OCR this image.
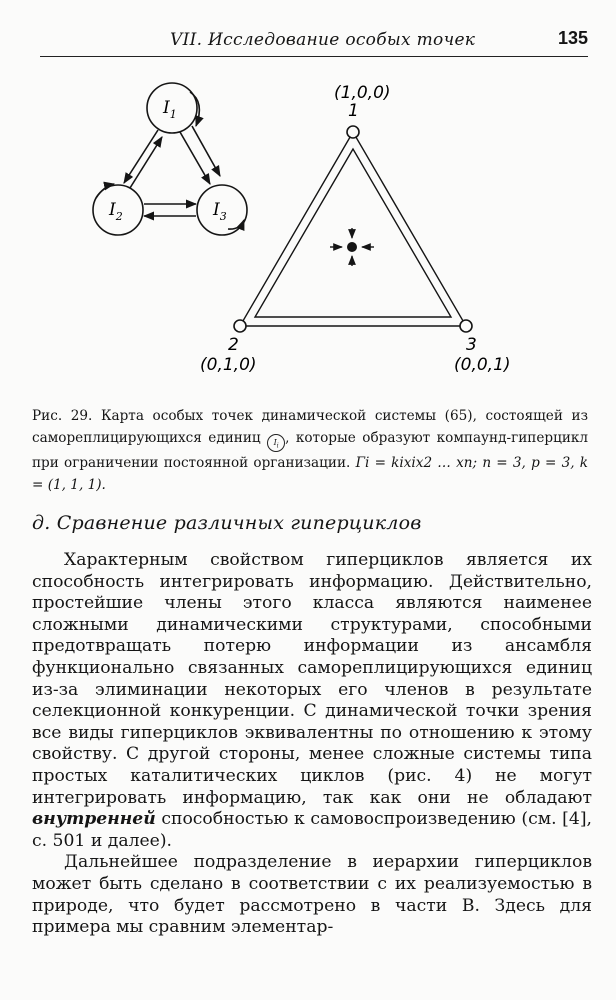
VII. Исследование особых точек	135
$I_1$
$I_2$	$I_3$
(1,0,0)
1
2
(0,1,0)
3
(0,0,1)
Рис. 29. Карта особых точек динамической системы (65), состоящей из самореплицирующихся единиц $I_i$, которые образуют компаунд-гиперцикл при ограничении постоянной организации. Γi = kixix2 … xn; n = 3, p = 3, k = (1, 1, 1).
д. Сравнение различных гиперциклов

Характерным свойством гиперциклов является их способность интегрировать информацию. Действительно, простейшие члены этого класса являются наименее сложными динамическими структурами, способными предотвращать потерю информации из ансамбля функционально связанных самореплицирующихся единиц из-за элиминации некоторых его членов в результате селекционной конкуренции. С динамической точки зрения все виды гиперциклов эквивалентны по отношению к этому свойству. С другой стороны, менее сложные системы типа простых каталитических циклов (рис. 4) не могут интегрировать информацию, так как они не обладают внутренней способностью к самовоспроизведению (см. [4], с. 501 и далее).

Дальнейшее подразделение в иерархии гиперциклов может быть сделано в соответствии с их реализуемостью в природе, что будет рассмотрено в части В. Здесь для примера мы сравним элементар-
